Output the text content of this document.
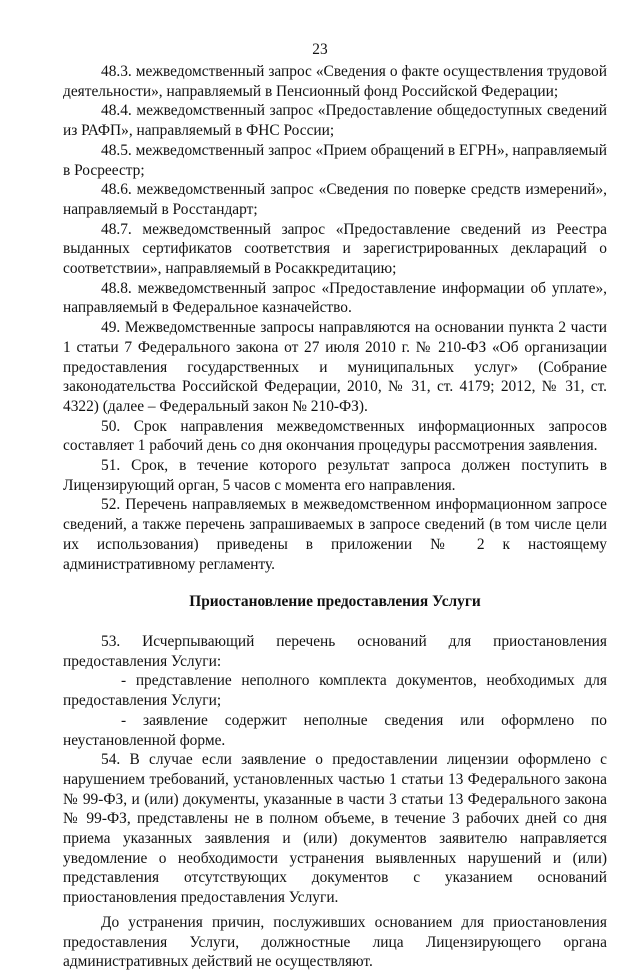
23

48.3. межведомственный запрос «Сведения о факте осуществления трудовой деятельности», направляемый в Пенсионный фонд Российской Федерации;

48.4. межведомственный запрос «Предоставление общедоступных сведений из РАФП», направляемый в ФНС России;

48.5. межведомственный запрос «Прием обращений в ЕГРН», направляемый в Росреестр;

48.6. межведомственный запрос «Сведения по поверке средств измерений», направляемый в Росстандарт;

48.7. межведомственный запрос «Предоставление сведений из Реестра выданных сертификатов соответствия и зарегистрированных деклараций о соответствии», направляемый в Росаккредитацию;

48.8. межведомственный запрос «Предоставление информации об уплате», направляемый в Федеральное казначейство.

49. Межведомственные запросы направляются на основании пункта 2 части 1 статьи 7 Федерального закона от 27 июля 2010 г. № 210-ФЗ «Об организации предоставления государственных и муниципальных услуг» (Собрание законодательства Российской Федерации, 2010, № 31, ст. 4179; 2012, № 31, ст. 4322) (далее – Федеральный закон № 210-ФЗ).

50. Срок направления межведомственных информационных запросов составляет 1 рабочий день со дня окончания процедуры рассмотрения заявления.

51. Срок, в течение которого результат запроса должен поступить в Лицензирующий орган, 5 часов с момента его направления.

52. Перечень направляемых в межведомственном информационном запросе сведений, а также перечень запрашиваемых в запросе сведений (в том числе цели их использования) приведены в приложении № 2 к настоящему административному регламенту.

Приостановление предоставления Услуги

53. Исчерпывающий перечень оснований для приостановления предоставления Услуги:

- представление неполного комплекта документов, необходимых для предоставления Услуги;

- заявление содержит неполные сведения или оформлено по неустановленной форме.

54. В случае если заявление о предоставлении лицензии оформлено с нарушением требований, установленных частью 1 статьи 13 Федерального закона № 99-ФЗ, и (или) документы, указанные в части 3 статьи 13 Федерального закона № 99-ФЗ, представлены не в полном объеме, в течение 3 рабочих дней со дня приема указанных заявления и (или) документов заявителю направляется уведомление о необходимости устранения выявленных нарушений и (или) представления отсутствующих документов с указанием оснований приостановления предоставления Услуги.

До устранения причин, послуживших основанием для приостановления предоставления Услуги, должностные лица Лицензирующего органа административных действий не осуществляют.
